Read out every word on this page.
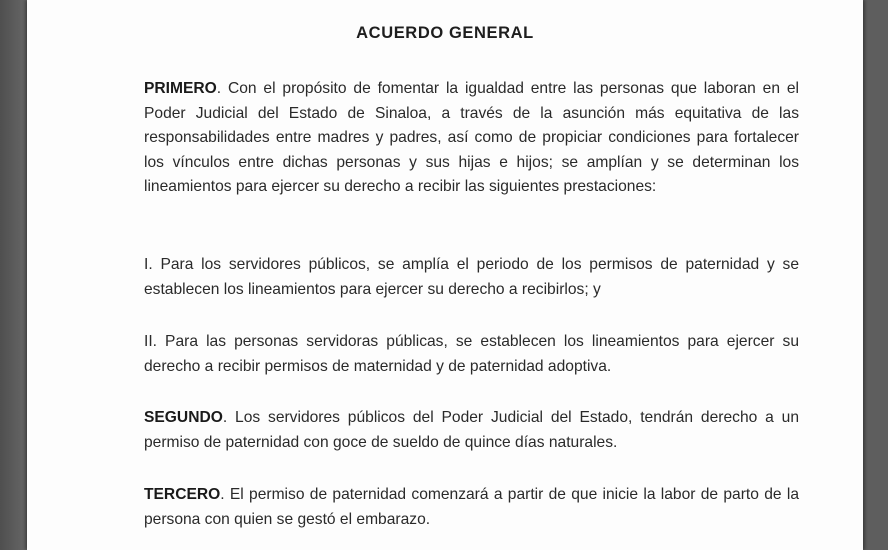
ACUERDO GENERAL

PRIMERO. Con el propósito de fomentar la igualdad entre las personas que laboran en el Poder Judicial del Estado de Sinaloa, a través de la asunción más equitativa de las responsabilidades entre madres y padres, así como de propiciar condiciones para fortalecer los vínculos entre dichas personas y sus hijas e hijos; se amplían y se determinan los lineamientos para ejercer su derecho a recibir las siguientes prestaciones:

I. Para los servidores públicos, se amplía el periodo de los permisos de paternidad y se establecen los lineamientos para ejercer su derecho a recibirlos; y

II. Para las personas servidoras públicas, se establecen los lineamientos para ejercer su derecho a recibir permisos de maternidad y de paternidad adoptiva.

SEGUNDO. Los servidores públicos del Poder Judicial del Estado, tendrán derecho a un permiso de paternidad con goce de sueldo de quince días naturales.

TERCERO. El permiso de paternidad comenzará a partir de que inicie la labor de parto de la persona con quien se gestó el embarazo.
